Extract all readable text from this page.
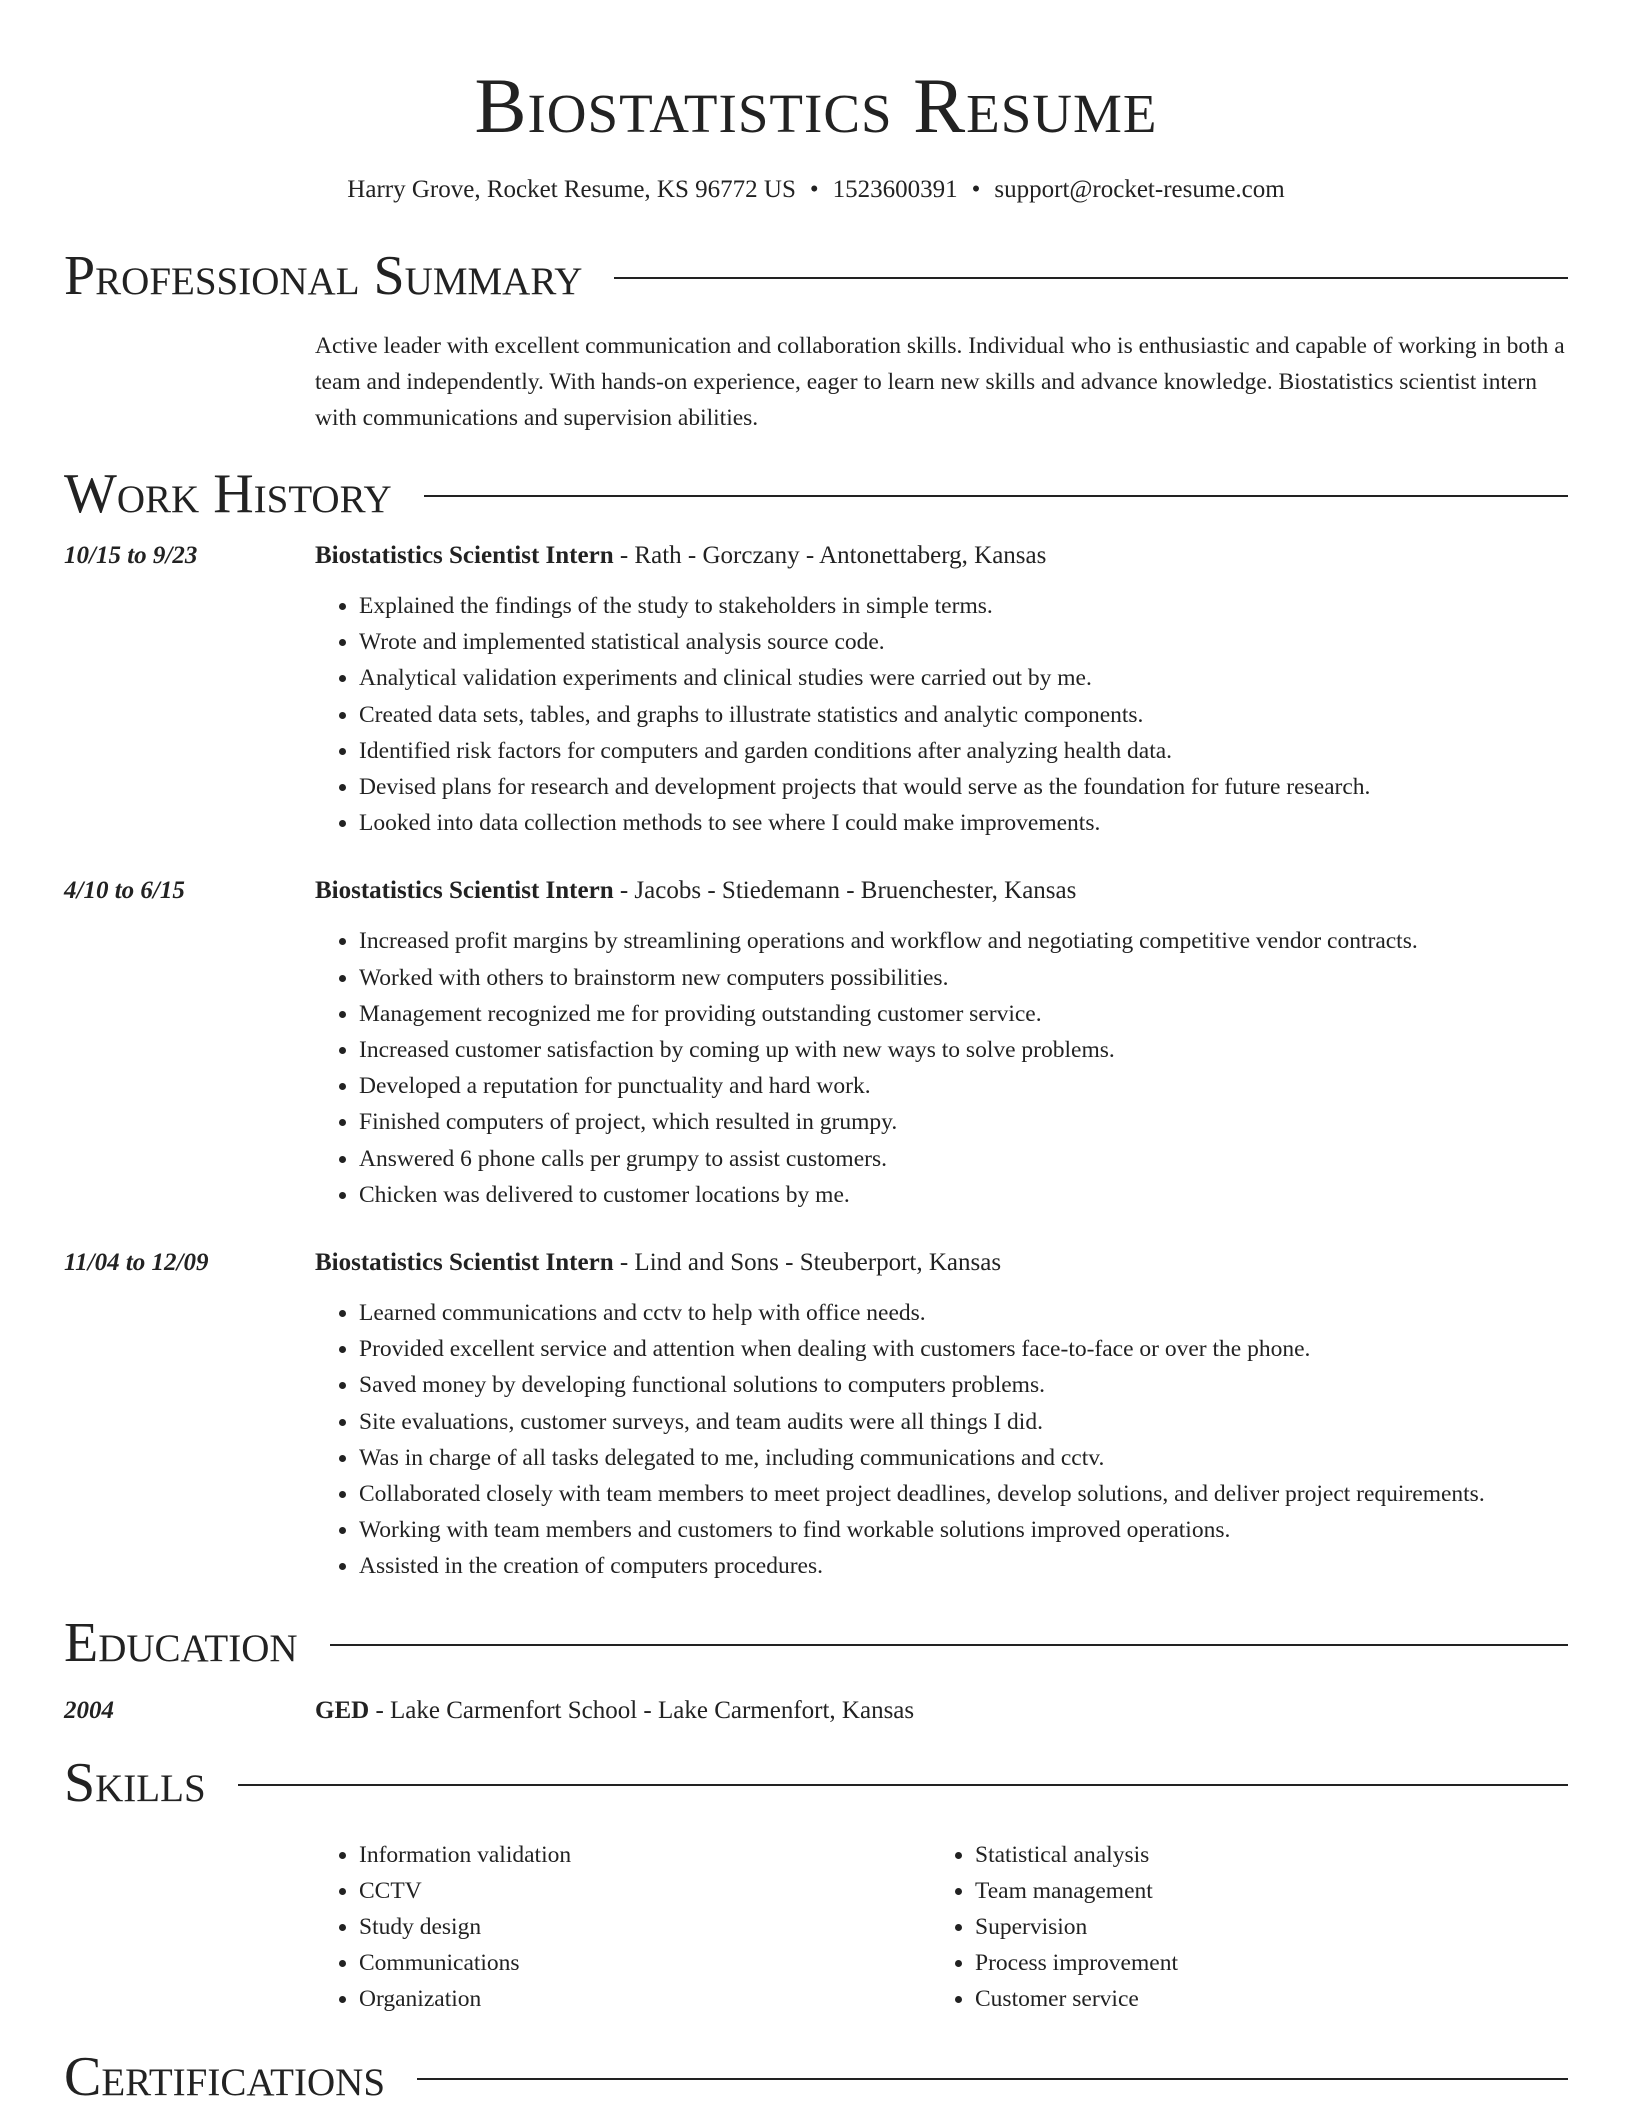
Biostatistics Resume
Harry Grove, Rocket Resume, KS 96772 US • 1523600391 • support@rocket-resume.com
Professional Summary
Active leader with excellent communication and collaboration skills. Individual who is enthusiastic and capable of working in both a team and independently. With hands-on experience, eager to learn new skills and advance knowledge. Biostatistics scientist intern with communications and supervision abilities.
Work History
10/15 to 9/23	Biostatistics Scientist Intern - Rath - Gorczany - Antonettaberg, Kansas
• Explained the findings of the study to stakeholders in simple terms.
• Wrote and implemented statistical analysis source code.
• Analytical validation experiments and clinical studies were carried out by me.
• Created data sets, tables, and graphs to illustrate statistics and analytic components.
• Identified risk factors for computers and garden conditions after analyzing health data.
• Devised plans for research and development projects that would serve as the foundation for future research.
• Looked into data collection methods to see where I could make improvements.
4/10 to 6/15	Biostatistics Scientist Intern - Jacobs - Stiedemann - Bruenchester, Kansas
• Increased profit margins by streamlining operations and workflow and negotiating competitive vendor contracts.
• Worked with others to brainstorm new computers possibilities.
• Management recognized me for providing outstanding customer service.
• Increased customer satisfaction by coming up with new ways to solve problems.
• Developed a reputation for punctuality and hard work.
• Finished computers of project, which resulted in grumpy.
• Answered 6 phone calls per grumpy to assist customers.
• Chicken was delivered to customer locations by me.
11/04 to 12/09	Biostatistics Scientist Intern - Lind and Sons - Steuberport, Kansas
• Learned communications and cctv to help with office needs.
• Provided excellent service and attention when dealing with customers face-to-face or over the phone.
• Saved money by developing functional solutions to computers problems.
• Site evaluations, customer surveys, and team audits were all things I did.
• Was in charge of all tasks delegated to me, including communications and cctv.
• Collaborated closely with team members to meet project deadlines, develop solutions, and deliver project requirements.
• Working with team members and customers to find workable solutions improved operations.
• Assisted in the creation of computers procedures.
Education
2004	GED - Lake Carmenfort School - Lake Carmenfort, Kansas
Skills
• Information validation
• CCTV
• Study design
• Communications
• Organization
• Statistical analysis
• Team management
• Supervision
• Process improvement
• Customer service
Certifications
